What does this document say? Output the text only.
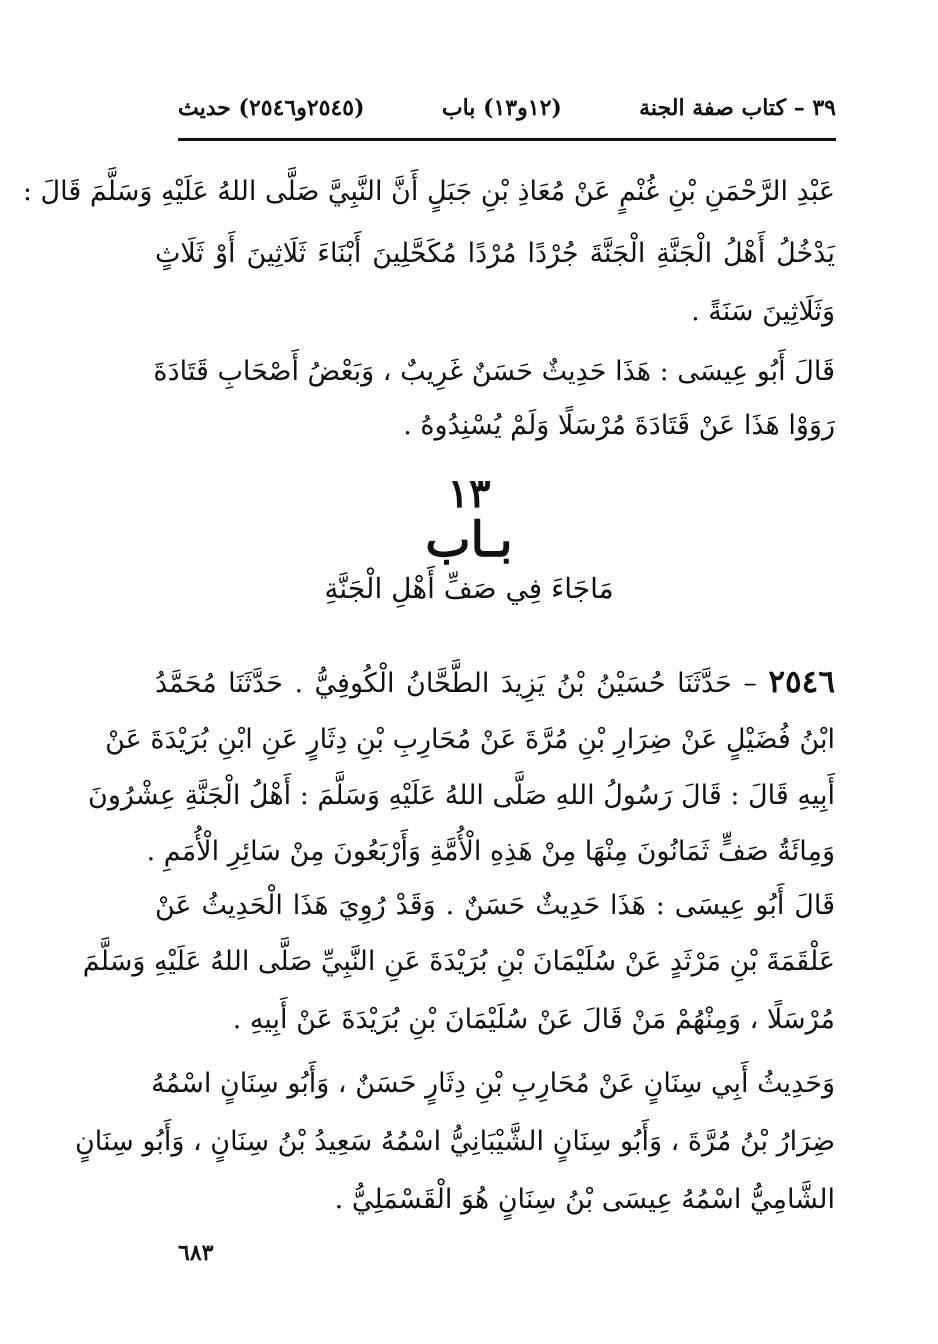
٣٩ – كتاب صفة الجنة
(١٢و١٣) باب
(٢٥٤٥و٢٥٤٦) حديث
عَبْدِ الرَّحْمَنِ بْنِ غُنْمٍ عَنْ مُعَاذِ بْنِ جَبَلٍ أَنَّ النَّبِيَّ صَلَّى اللهُ عَلَيْهِ وَسَلَّمَ قَالَ :
يَدْخُلُ أَهْلُ الْجَنَّةِ الْجَنَّةَ جُرْدًا مُرْدًا مُكَحَّلِينَ أَبْنَاءَ ثَلَاثِينَ أَوْ ثَلَاثٍ
وَثَلَاثِينَ سَنَةً .
قَالَ أَبُو عِيسَى : هَذَا حَدِيثٌ حَسَنٌ غَرِيبٌ ، وَبَعْضُ أَصْحَابِ قَتَادَةَ
رَوَوْا هَذَا عَنْ قَتَادَةَ مُرْسَلًا وَلَمْ يُسْنِدُوهُ .
١٣
بـاب
مَاجَاءَ فِي صَفِّ أَهْلِ الْجَنَّةِ
٢٥٤٦ – حَدَّثَنَا حُسَيْنُ بْنُ يَزِيدَ الطَّحَّانُ الْكُوفِيُّ . حَدَّثَنَا مُحَمَّدُ
ابْنُ فُضَيْلٍ عَنْ ضِرَارِ بْنِ مُرَّةَ عَنْ مُحَارِبِ بْنِ دِثَارٍ عَنِ ابْنِ بُرَيْدَةَ عَنْ
أَبِيهِ قَالَ : قَالَ رَسُولُ اللهِ صَلَّى اللهُ عَلَيْهِ وَسَلَّمَ : أَهْلُ الْجَنَّةِ عِشْرُونَ
وَمِائَةُ صَفٍّ ثَمَانُونَ مِنْهَا مِنْ هَذِهِ الْأُمَّةِ وَأَرْبَعُونَ مِنْ سَائِرِ الْأُمَمِ .
قَالَ أَبُو عِيسَى : هَذَا حَدِيثٌ حَسَنٌ . وَقَدْ رُوِيَ هَذَا الْحَدِيثُ عَنْ
عَلْقَمَةَ بْنِ مَرْثَدٍ عَنْ سُلَيْمَانَ بْنِ بُرَيْدَةَ عَنِ النَّبِيِّ صَلَّى اللهُ عَلَيْهِ وَسَلَّمَ
مُرْسَلًا ، وَمِنْهُمْ مَنْ قَالَ عَنْ سُلَيْمَانَ بْنِ بُرَيْدَةَ عَنْ أَبِيهِ .
وَحَدِيثُ أَبِي سِنَانٍ عَنْ مُحَارِبِ بْنِ دِثَارٍ حَسَنٌ ، وَأَبُو سِنَانٍ اسْمُهُ
ضِرَارُ بْنُ مُرَّةَ ، وَأَبُو سِنَانٍ الشَّيْبَانِيُّ اسْمُهُ سَعِيدُ بْنُ سِنَانٍ ، وَأَبُو سِنَانٍ
الشَّامِيُّ اسْمُهُ عِيسَى بْنُ سِنَانٍ هُوَ الْقَسْمَلِيُّ .
٦٨٣
